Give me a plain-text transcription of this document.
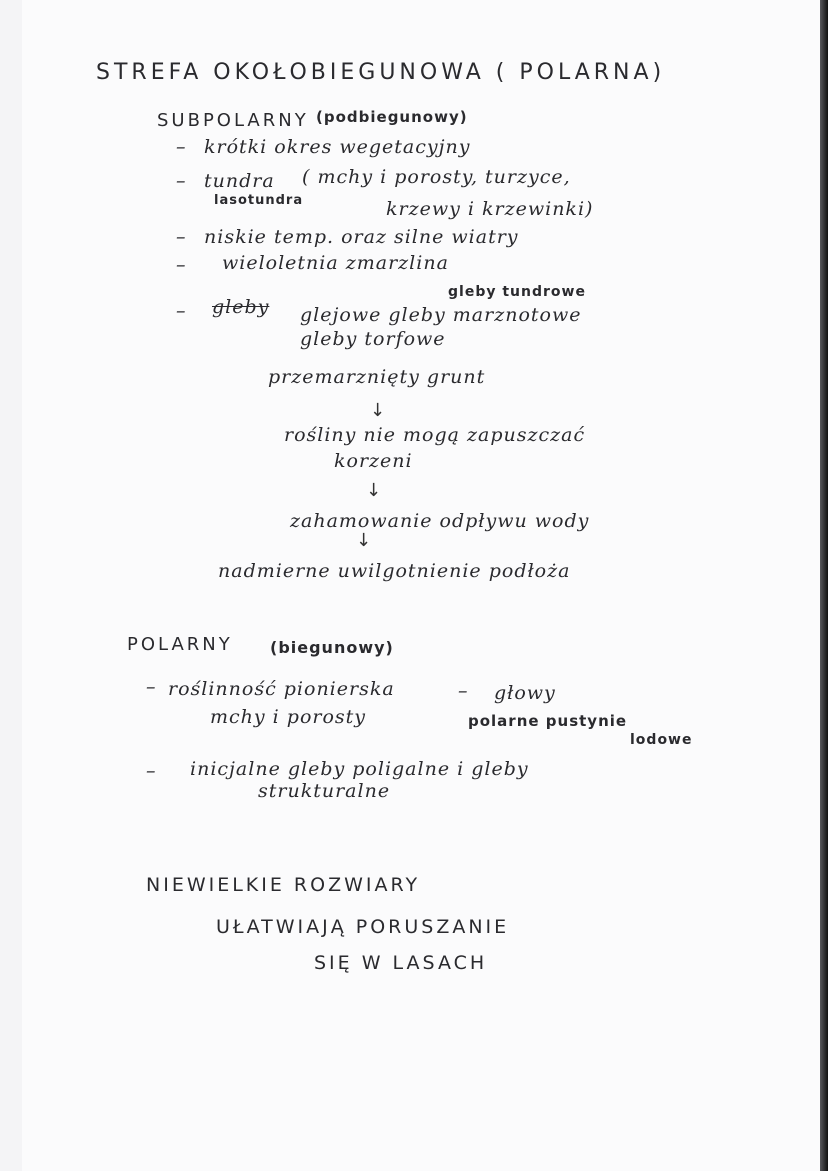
STREFA OKOŁOBIEGUNOWA ( POLARNA)
SUBPOLARNY (podbiegunowy)
– krótki okres wegetacyjny
– tundra ( mchy i porosty, turzyce,
lasotundra	krzewy i krzewinki)
– niskie temp. oraz silne wiatry
– wieloletnia zmarzlina
gleby tundrowe
– gleby glejowe gleby marznotowe
gleby torfowe
przemarznięty grunt
↓
rośliny nie mogą zapuszczać
korzeni
↓
zahamowanie odpływu wody
↓
nadmierne uwilgotnienie podłoża
POLARNY (biegunowy)
– roślinność pionierska
mchy i porosty
– głowy
polarne pustynie
lodowe
– inicjalne gleby poligalne i gleby
strukturalne
NIEWIELKIE ROZWIARY
UŁATWIAJĄ PORUSZANIE
SIĘ W LASACH
